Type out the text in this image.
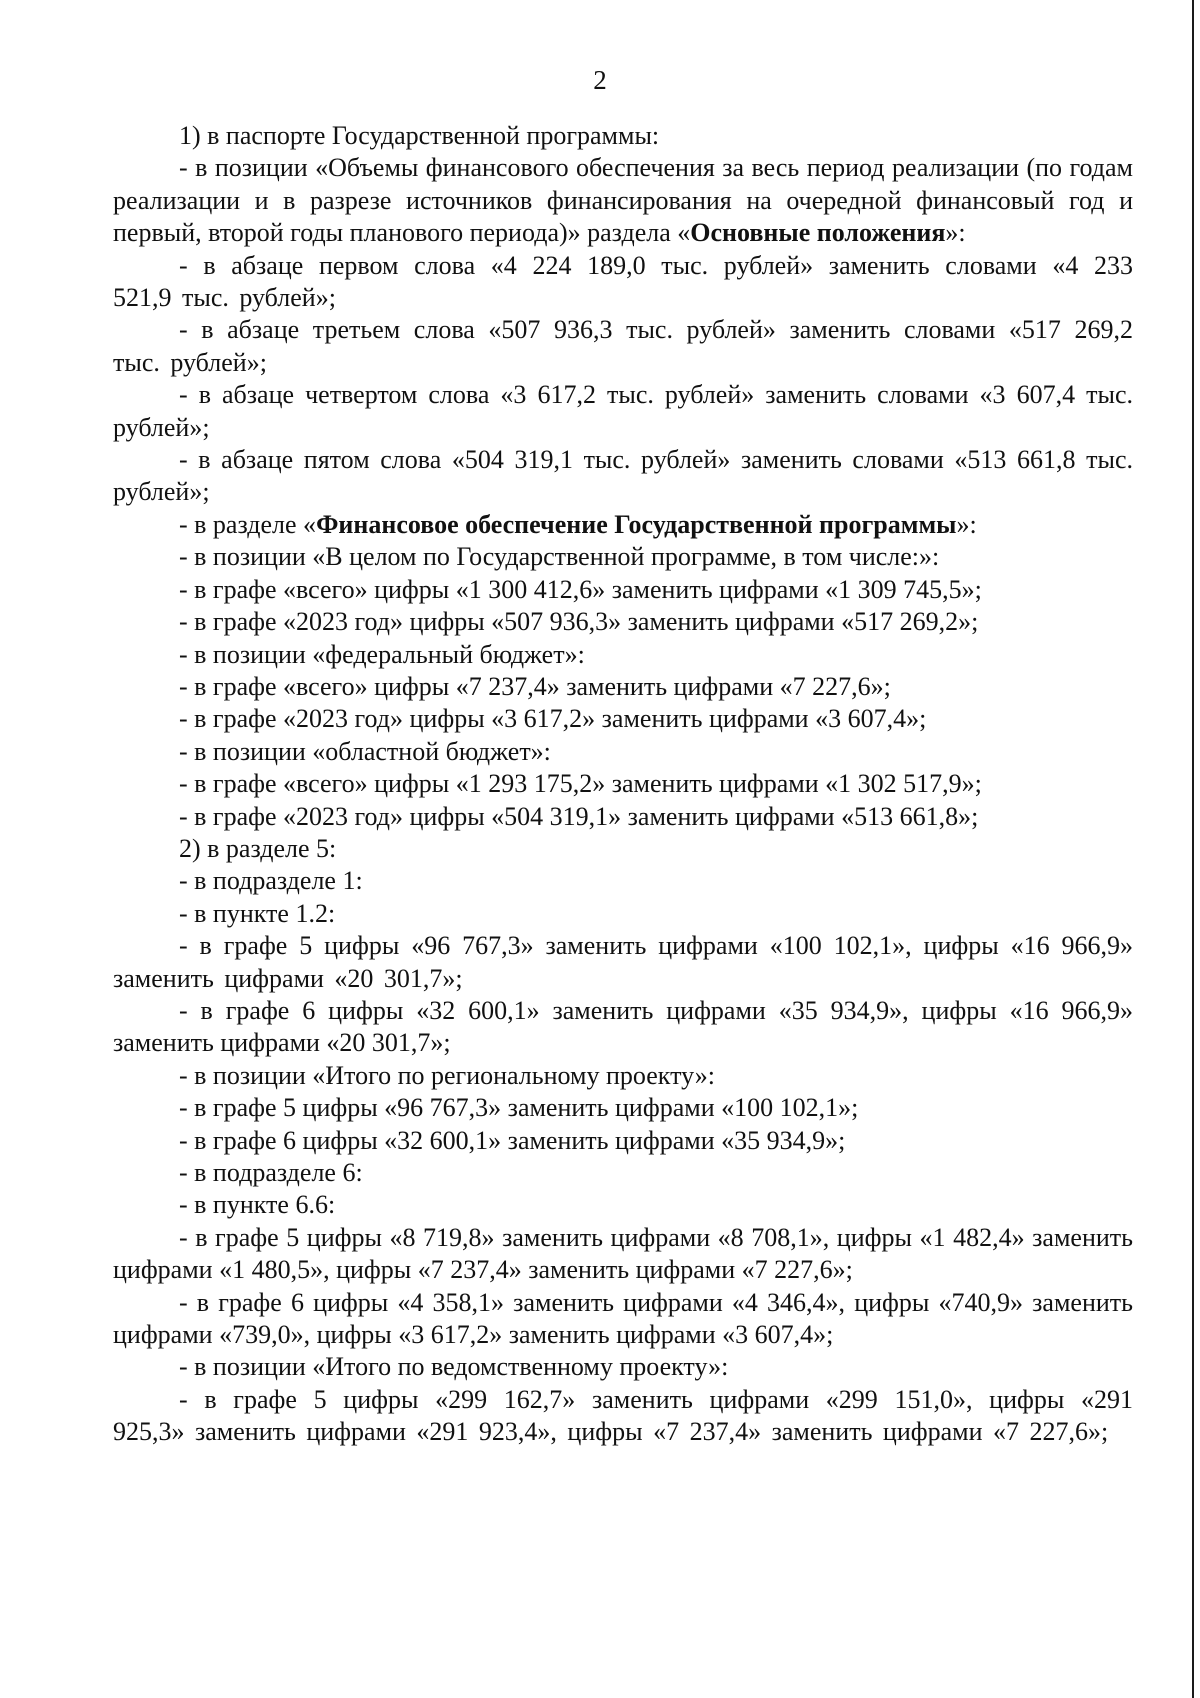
2

1) в паспорте Государственной программы:

- в позиции «Объемы финансового обеспечения за весь период реализации (по годам реализации и в разрезе источников финансирования на очередной финансовый год и первый, второй годы планового периода)» раздела «Основные положения»:

- в абзаце первом слова «4 224 189,0 тыс. рублей» заменить словами «4 233 521,9 тыс. рублей»;

- в абзаце третьем слова «507 936,3 тыс. рублей» заменить словами «517 269,2 тыс. рублей»;

- в абзаце четвертом слова «3 617,2 тыс. рублей» заменить словами «3 607,4 тыс. рублей»;

- в абзаце пятом слова «504 319,1 тыс. рублей» заменить словами «513 661,8 тыс. рублей»;

- в разделе «Финансовое обеспечение Государственной программы»:

- в позиции «В целом по Государственной программе, в том числе:»:

- в графе «всего» цифры «1 300 412,6» заменить цифрами «1 309 745,5»;

- в графе «2023 год» цифры «507 936,3» заменить цифрами «517 269,2»;

- в позиции «федеральный бюджет»:

- в графе «всего» цифры «7 237,4» заменить цифрами «7 227,6»;

- в графе «2023 год» цифры «3 617,2» заменить цифрами «3 607,4»;

- в позиции «областной бюджет»:

- в графе «всего» цифры «1 293 175,2» заменить цифрами «1 302 517,9»;

- в графе «2023 год» цифры «504 319,1» заменить цифрами «513 661,8»;

2) в разделе 5:

- в подразделе 1:

- в пункте 1.2:

- в графе 5 цифры «96 767,3» заменить цифрами «100 102,1», цифры «16 966,9» заменить цифрами «20 301,7»;

- в графе 6 цифры «32 600,1» заменить цифрами «35 934,9», цифры «16 966,9» заменить цифрами «20 301,7»;

- в позиции «Итого по региональному проекту»:

- в графе 5 цифры «96 767,3» заменить цифрами «100 102,1»;

- в графе 6 цифры «32 600,1» заменить цифрами «35 934,9»;

- в подразделе 6:

- в пункте 6.6:

- в графе 5 цифры «8 719,8» заменить цифрами «8 708,1», цифры «1 482,4» заменить цифрами «1 480,5», цифры «7 237,4» заменить цифрами «7 227,6»;

- в графе 6 цифры «4 358,1» заменить цифрами «4 346,4», цифры «740,9» заменить цифрами «739,0», цифры «3 617,2» заменить цифрами «3 607,4»;

- в позиции «Итого по ведомственному проекту»:

- в графе 5 цифры «299 162,7» заменить цифрами «299 151,0», цифры «291 925,3» заменить цифрами «291 923,4», цифры «7 237,4» заменить цифрами «7 227,6»;
